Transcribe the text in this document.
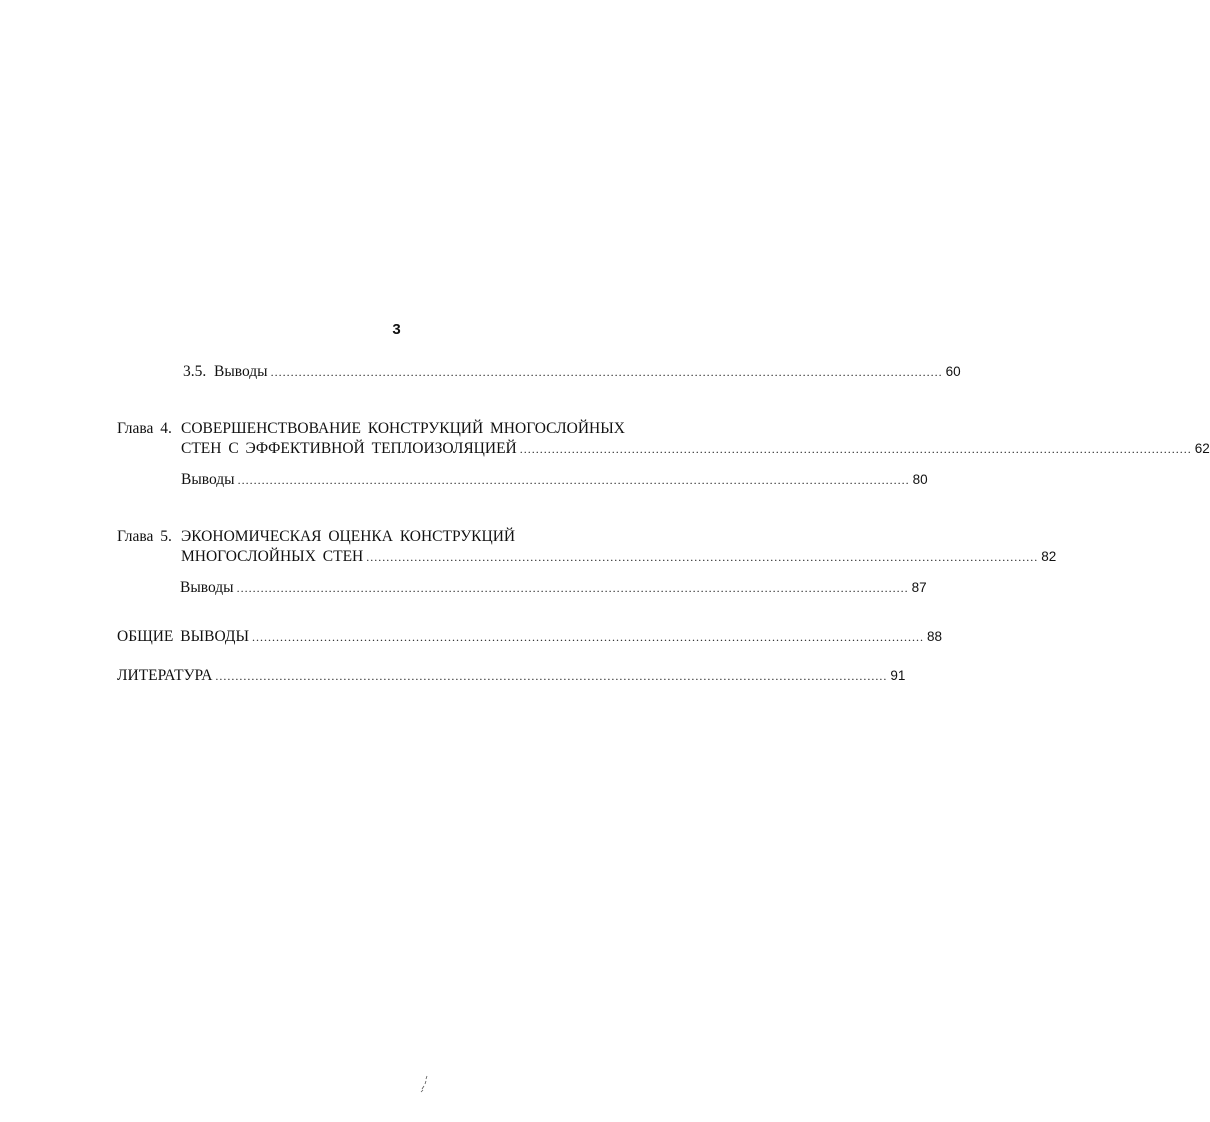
3
3.5. Выводы ........................................................................................................................................................................ 60
Глава 4. СОВЕРШЕНСТВОВАНИЕ КОНСТРУКЦИЙ МНОГОСЛОЙНЫХ
СТЕН С ЭФФЕКТИВНОЙ ТЕПЛОИЗОЛЯЦИЕЙ ........................................................................................................................................................................ 62
Выводы ........................................................................................................................................................................ 80
Глава 5. ЭКОНОМИЧЕСКАЯ ОЦЕНКА КОНСТРУКЦИЙ
МНОГОСЛОЙНЫХ СТЕН ........................................................................................................................................................................ 82
Выводы ........................................................................................................................................................................ 87
ОБЩИЕ ВЫВОДЫ ........................................................................................................................................................................ 88
ЛИТЕРАТУРА ........................................................................................................................................................................ 91
